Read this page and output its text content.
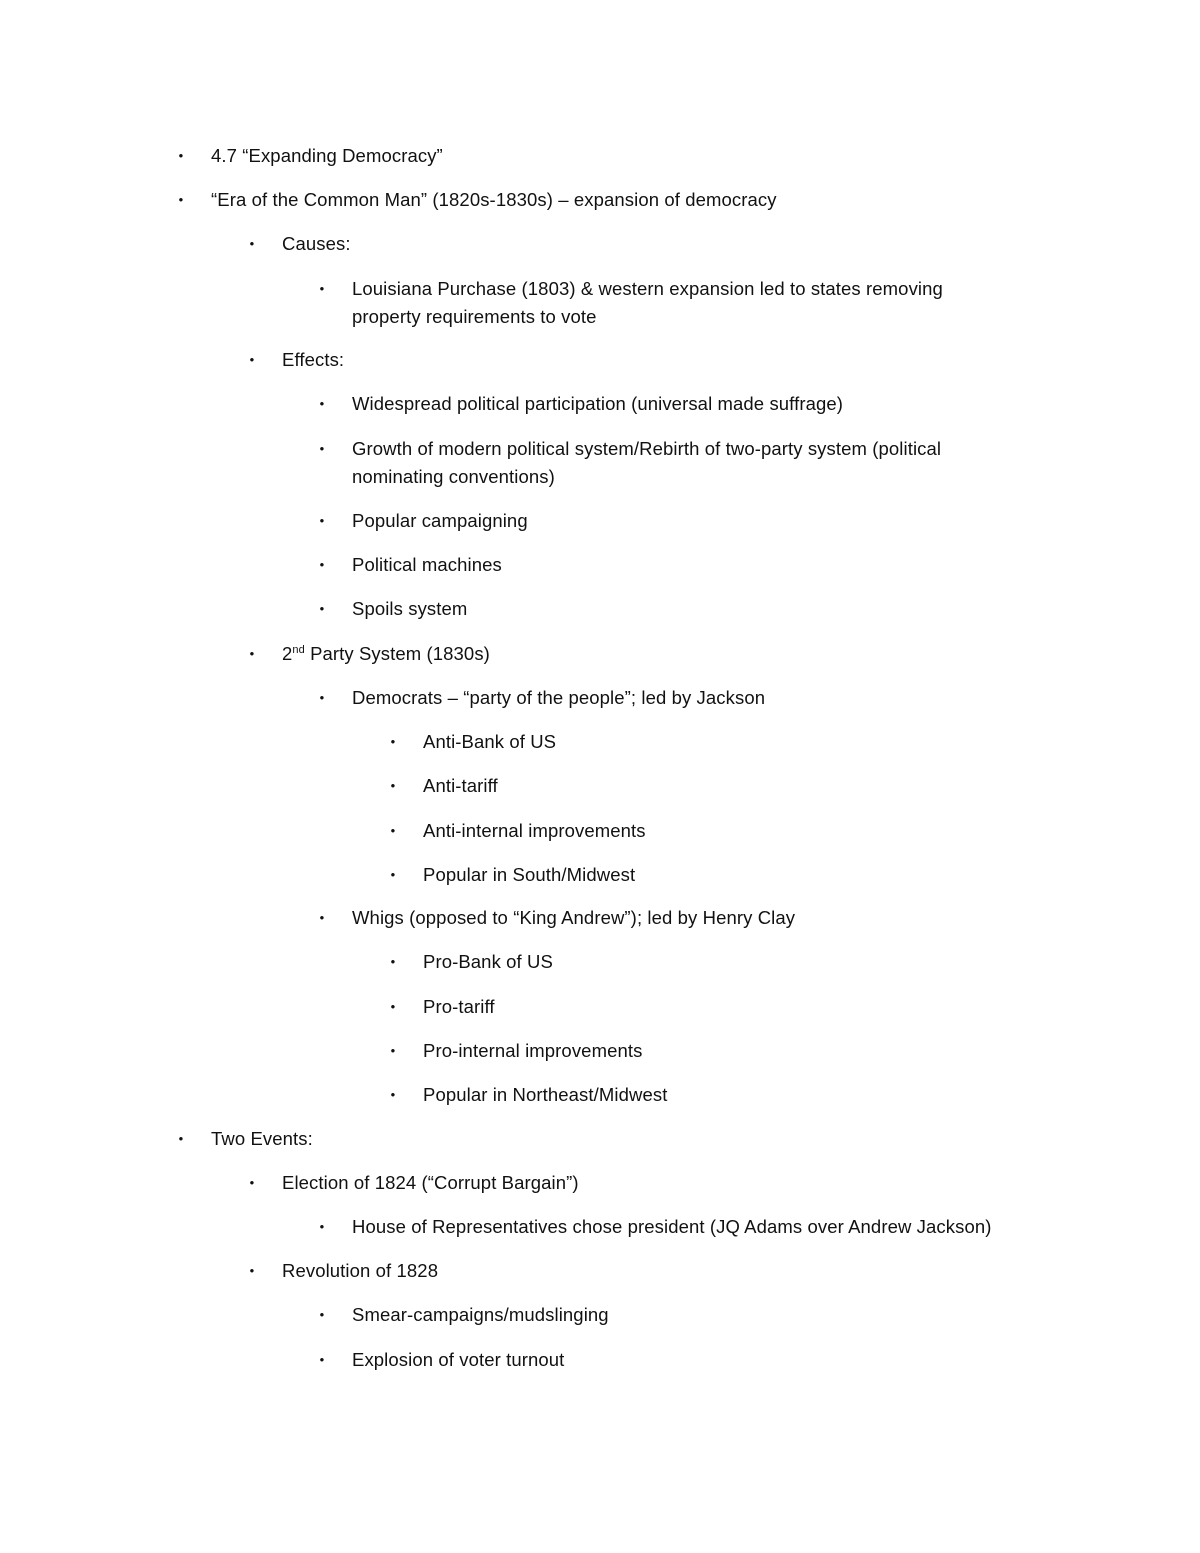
•	4.7 “Expanding Democracy”
•	“Era of the Common Man” (1820s-1830s) – expansion of democracy
•	Causes:
•	Louisiana Purchase (1803) & western expansion led to states removing
property requirements to vote
•	Effects:
•	Widespread political participation (universal made suffrage)
•	Growth of modern political system/Rebirth of two-party system (political
nominating conventions)
•	Popular campaigning
•	Political machines
•	Spoils system
•	2nd Party System (1830s)
•	Democrats – “party of the people”; led by Jackson
•	Anti-Bank of US
•	Anti-tariff
•	Anti-internal improvements
•	Popular in South/Midwest
•	Whigs (opposed to “King Andrew”); led by Henry Clay
•	Pro-Bank of US
•	Pro-tariff
•	Pro-internal improvements
•	Popular in Northeast/Midwest
•	Two Events:
•	Election of 1824 (“Corrupt Bargain”)
•	House of Representatives chose president (JQ Adams over Andrew Jackson)
•	Revolution of 1828
•	Smear-campaigns/mudslinging
•	Explosion of voter turnout
